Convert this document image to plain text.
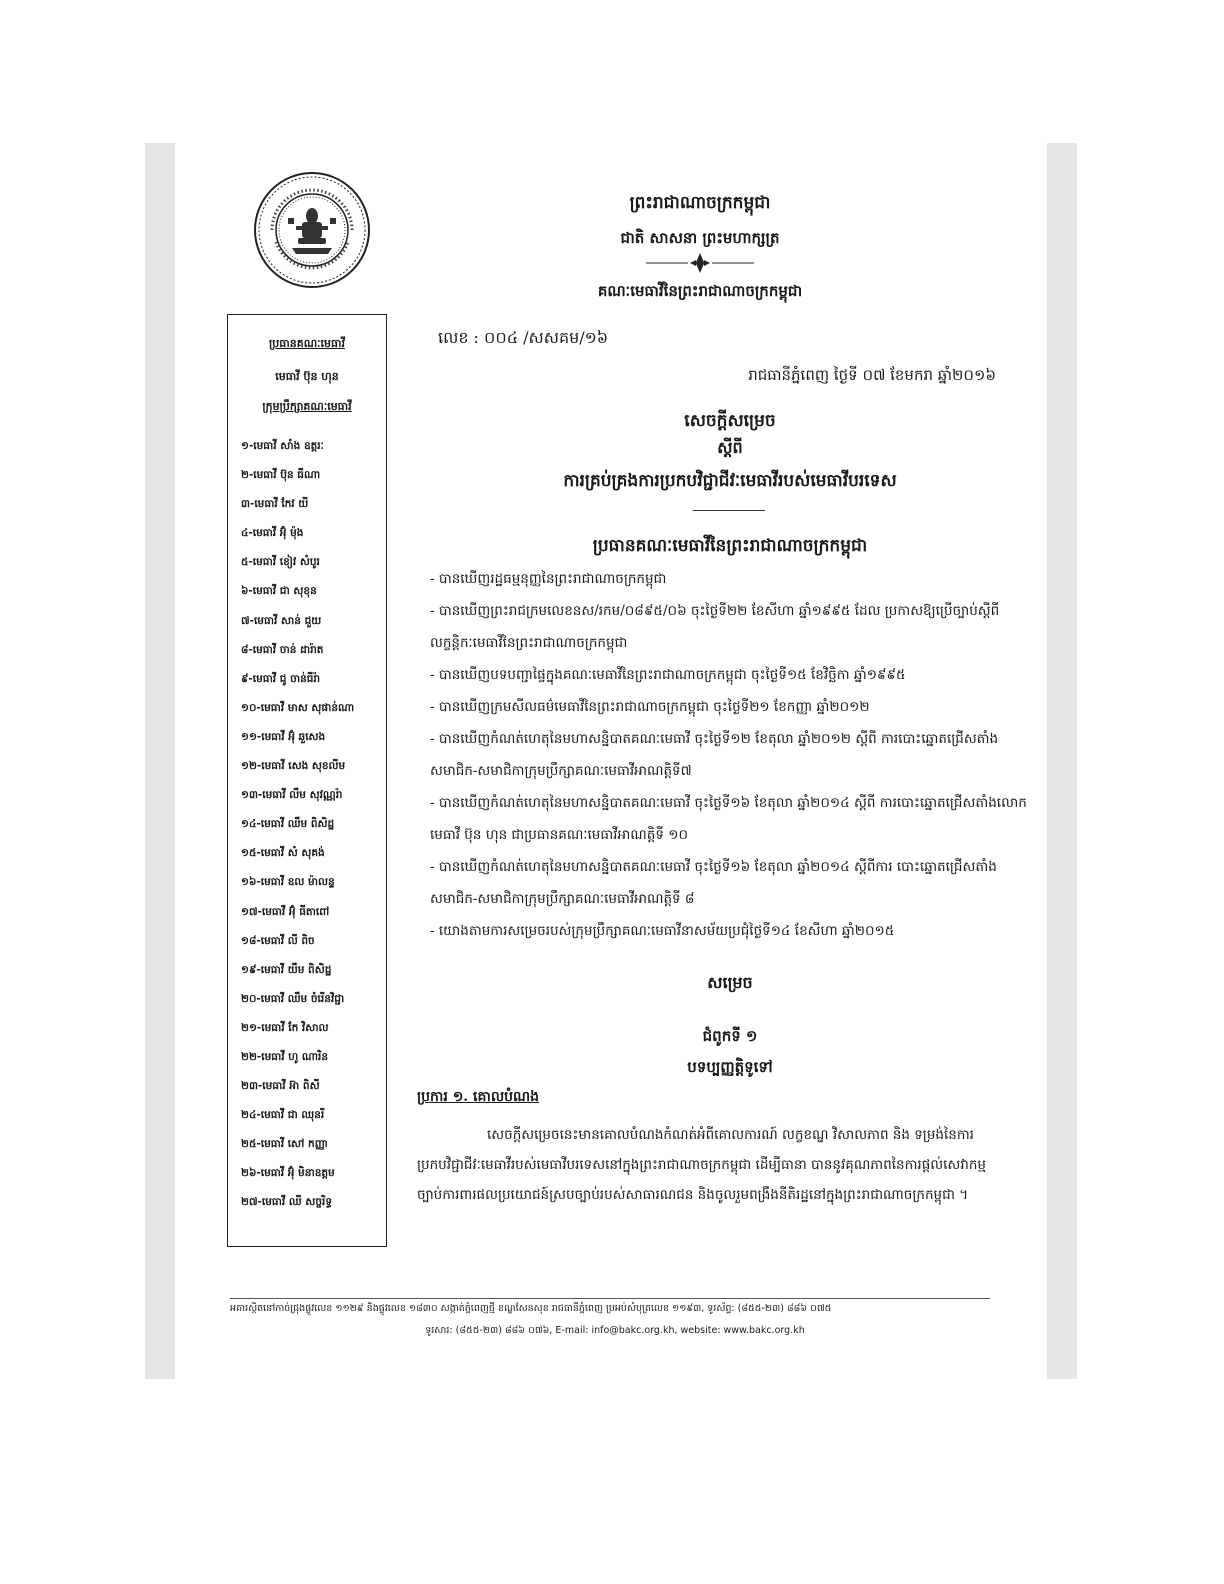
ព្រះរាជាណាចក្រកម្ពុជា
ជាតិ សាសនា ព្រះមហាក្សត្រ
គណៈមេធាវីនៃព្រះរាជាណាចក្រកម្ពុជា
លេខ : ០០៤ /សសគម/១៦
រាជធានីភ្នំពេញ ថ្ងៃទី ០៧ ខែមករា ឆ្នាំ២០១៦
សេចក្ដីសម្រេច
ស្ដីពី
ការគ្រប់គ្រងការប្រកបវិជ្ជាជីវៈមេធាវីរបស់មេធាវីបរទេស
ប្រធានគណៈមេធាវីនៃព្រះរាជាណាចក្រកម្ពុជា
ប្រធានគណៈមេធាវី
មេធាវី ប៊ុន ហុន
ក្រុមប្រឹក្សាគណៈមេធាវី
១-មេធាវី សាំង ឧត្តរៈ
២-មេធាវី ប៊ុន ធីណា
៣-មេធាវី កែវ យី
៤-មេធាវី អ៊ុំ ម៉ុង
៥-មេធាវី ខៀវ សំបូរ
៦-មេធាវី ជា សុខុន
៧-មេធាវី សាន់ ជួយ
៨-មេធាវី ចាន់ ដារ៉ាត
៩-មេធាវី ជូ ចាន់ធីរ៉ា
១០-មេធាវី មាស សុផាន់ណា
១១-មេធាវី អ៊ុំ ឆួសេង
១២-មេធាវី សេង សុខលីម
១៣-មេធាវី លឹម សុវណ្ណរ៉ា
១៤-មេធាវី ឈឹម ពិសិដ្ឋ
១៥-មេធាវី សំ សុគង់
១៦-មេធាវី ឧល ម៉ាលន្ទ
១៧-មេធាវី អ៊ុំ ធីតាពៅ
១៨-មេធាវី លី ពិច
១៩-មេធាវី យឹម ពិសិដ្ឋ
២០-មេធាវី ឈឹម ចំរើនវិជ្ជា
២១-មេធាវី កែ វិសាល
២២-មេធាវី ហូ ណារិន
២៣-មេធាវី អ៊ា ពិសី
២៤-មេធាវី ជា ឈុនរី
២៥-មេធាវី សៅ កញ្ញា
២៦-មេធាវី អ៊ុំ មិនាឧត្ដម
២៧-មេធាវី ឈី សច្ចរិទ្ធ
- បានឃើញរដ្ឋធម្មនុញ្ញនៃព្រះរាជាណាចក្រកម្ពុជា
- បានឃើញព្រះរាជក្រមលេខនស/រកម/០៨៩៥/០៦ ចុះថ្ងៃទី២២ ខែសីហា ឆ្នាំ១៩៩៥ ដែល ប្រកាសឱ្យប្រើច្បាប់ស្ដីពីលក្ខន្តិកៈមេធាវីនៃព្រះរាជាណាចក្រកម្ពុជា
- បានឃើញបទបញ្ជាផ្ទៃក្នុងគណៈមេធាវីនៃព្រះរាជាណាចក្រកម្ពុជា ចុះថ្ងៃទី១៥ ខែវិច្ឆិកា ឆ្នាំ១៩៩៥
- បានឃើញក្រមសីលធម៌មេធាវីនៃព្រះរាជាណាចក្រកម្ពុជា ចុះថ្ងៃទី២១ ខែកញ្ញា ឆ្នាំ២០១២
- បានឃើញកំណត់ហេតុនៃមហាសន្និបាតគណៈមេធាវី ចុះថ្ងៃទី១២ ខែតុលា ឆ្នាំ២០១២ ស្ដីពី ការបោះឆ្នោតជ្រើសតាំងសមាជិក-សមាជិកាក្រុមប្រឹក្សាគណៈមេធាវីអាណត្តិទី៧
- បានឃើញកំណត់ហេតុនៃមហាសន្និបាតគណៈមេធាវី ចុះថ្ងៃទី១៦ ខែតុលា ឆ្នាំ២០១៤ ស្ដីពី ការបោះឆ្នោតជ្រើសតាំងលោកមេធាវី ប៊ុន ហុន ជាប្រធានគណៈមេធាវីអាណត្តិទី ១០
- បានឃើញកំណត់ហេតុនៃមហាសន្និបាតគណៈមេធាវី ចុះថ្ងៃទី១៦ ខែតុលា ឆ្នាំ២០១៤ ស្ដីពីការ បោះឆ្នោតជ្រើសតាំងសមាជិក-សមាជិកាក្រុមប្រឹក្សាគណៈមេធាវីអាណត្តិទី ៨
- យោងតាមការសម្រេចរបស់ក្រុមប្រឹក្សាគណៈមេធាវីនាសម័យប្រជុំថ្ងៃទី១៤ ខែសីហា ឆ្នាំ២០១៥
សម្រេច
ជំពូកទី ១
បទប្បញ្ញត្តិទូទៅ
ប្រការ ១. គោលបំណង
សេចក្ដីសម្រេចនេះមានគោលបំណងកំណត់អំពីគោលការណ៍ លក្ខខណ្ឌ វិសាលភាព និង ទម្រង់នៃការប្រកបវិជ្ជាជីវៈមេធាវីរបស់មេធាវីបរទេសនៅក្នុងព្រះរាជាណាចក្រកម្ពុជា ដើម្បីធានា បាននូវគុណភាពនៃការផ្ដល់សេវាកម្មច្បាប់ការពារផលប្រយោជន៍ស្របច្បាប់របស់សាធារណជន និងចូលរួមពង្រឹងនីតិរដ្ឋនៅក្នុងព្រះរាជាណាចក្រកម្ពុជា ។
អគារស្ថិតនៅកាច់ជ្រុងផ្លូវលេខ ១១២៩ និងផ្លូវលេខ ១៨៣០ សង្កាត់ភ្នំពេញថ្មី ខណ្ឌសែនសុខ រាជធានីភ្នំពេញ ប្រអប់សំបុត្រលេខ ១១៩៣, ទូរស័ព្ទ: (៨៥៥-២៣) ៨៨៦ ០៧៥
ទូរសារ: (៨៥៥-២៣) ៨៨៦ ០៧៦, E-mail: info@bakc.org.kh, website: www.bakc.org.kh
